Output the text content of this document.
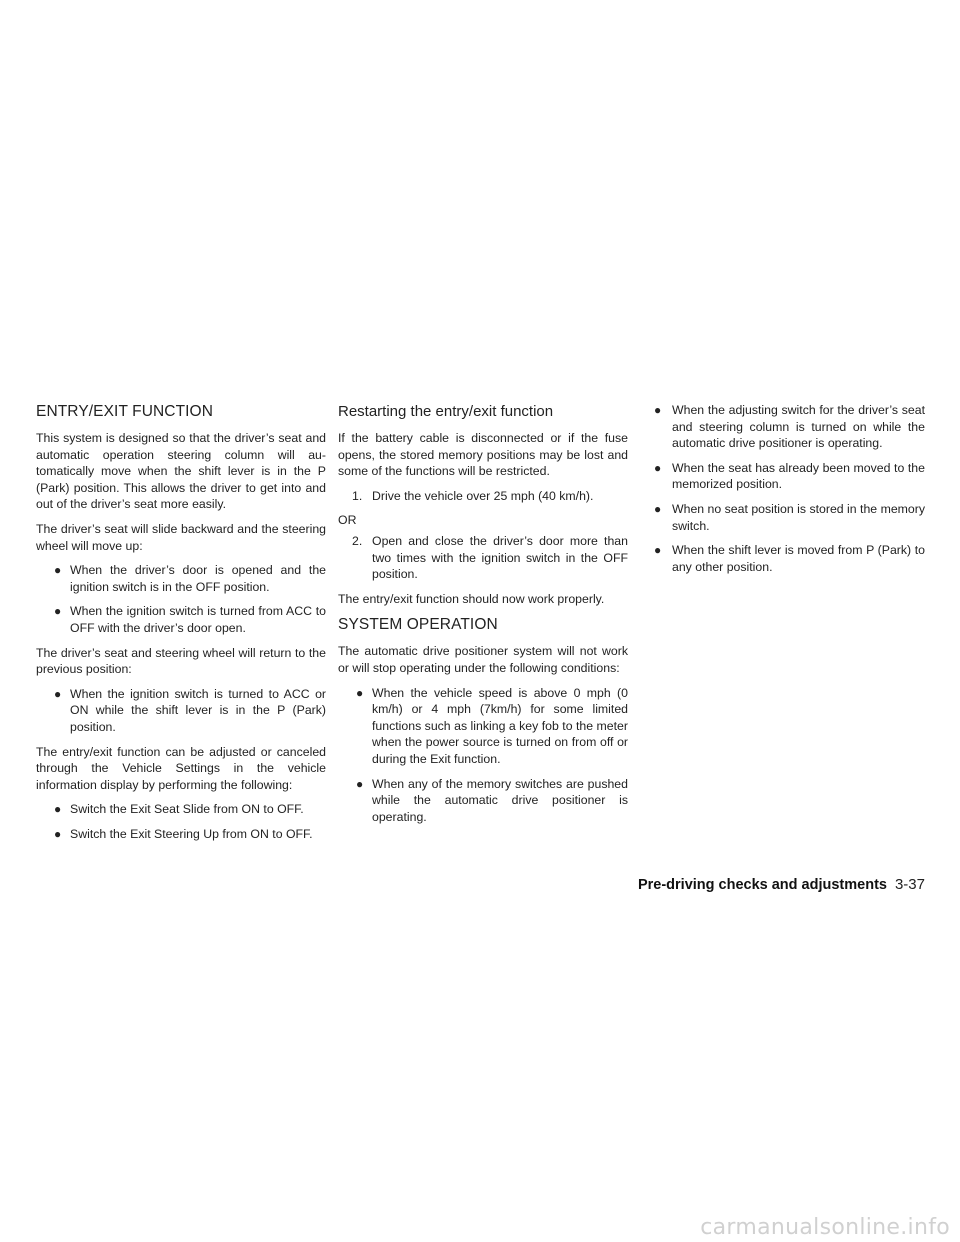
ENTRY/EXIT FUNCTION

This system is designed so that the driver’s seat and automatic operation steering column will automatically move when the shift lever is in the P (Park) position. This allows the driver to get into and out of the driver’s seat more easily.

The driver’s seat will slide backward and the steering wheel will move up:

● When the driver’s door is opened and the ignition switch is in the OFF position.
● When the ignition switch is turned from ACC to OFF with the driver’s door open.

The driver’s seat and steering wheel will return to the previous position:

● When the ignition switch is turned to ACC or ON while the shift lever is in the P (Park) position.

The entry/exit function can be adjusted or canceled through the Vehicle Settings in the vehicle information display by performing the following:

● Switch the Exit Seat Slide from ON to OFF.
● Switch the Exit Steering Up from ON to OFF.
Restarting the entry/exit function

If the battery cable is disconnected or if the fuse opens, the stored memory positions may be lost and some of the functions will be restricted.

1. Drive the vehicle over 25 mph (40 km/h).

OR

2. Open and close the driver’s door more than two times with the ignition switch in the OFF position.

The entry/exit function should now work properly.

SYSTEM OPERATION

The automatic drive positioner system will not work or will stop operating under the following conditions:

● When the vehicle speed is above 0 mph (0 km/h) or 4 mph (7km/h) for some limited functions such as linking a key fob to the meter when the power source is turned on from off or during the Exit function.
● When any of the memory switches are pushed while the automatic drive positioner is operating.
● When the adjusting switch for the driver’s seat and steering column is turned on while the automatic drive positioner is operating.
● When the seat has already been moved to the memorized position.
● When no seat position is stored in the memory switch.
● When the shift lever is moved from P (Park) to any other position.
Pre-driving checks and adjustments 3-37
carmanualsonline.info
